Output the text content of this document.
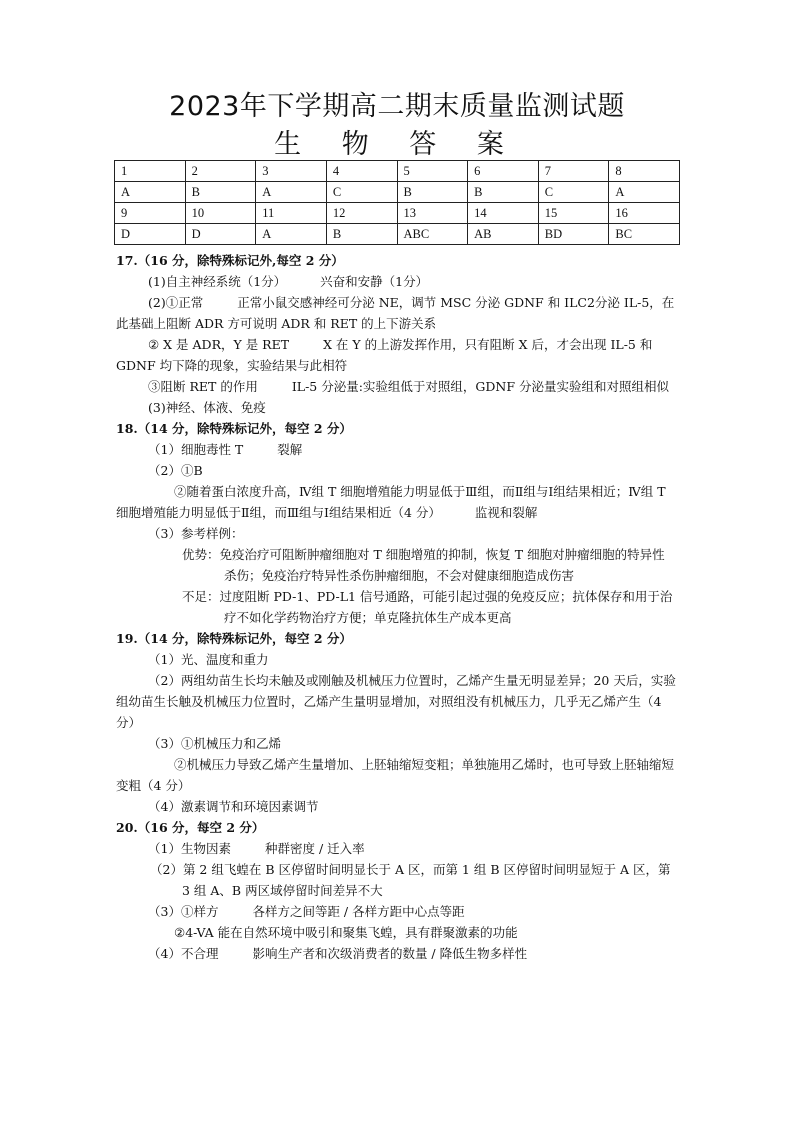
2023年下学期高二期末质量监测试题
生 物 答 案
1	2	3	4	5	6	7	8
A	B	A	C	B	B	C	A
9	10	11	12	13	14	15	16
D	D	A	B	ABC	AB	BD	BC

17.（16 分，除特殊标记外,每空 2 分）

(1)自主神经系统（1分）	兴奋和安静（1分）

(2)①正常	正常小鼠交感神经可分泌 NE，调节 MSC 分泌 GDNF 和 ILC2分泌 IL-5，在此基础上阻断 ADR 方可说明 ADR 和 RET 的上下游关系

② X 是 ADR，Y 是 RET	X 在 Y 的上游发挥作用，只有阻断 X 后，才会出现 IL-5 和 GDNF 均下降的现象，实验结果与此相符

③阻断 RET 的作用	IL-5 分泌量:实验组低于对照组，GDNF 分泌量实验组和对照组相似

(3)神经、体液、免疫

18.（14 分，除特殊标记外，每空 2 分）

（1）细胞毒性 T	裂解

（2）①B

②随着蛋白浓度升高，Ⅳ组 T 细胞增殖能力明显低于Ⅲ组，而Ⅱ组与Ⅰ组结果相近；Ⅳ组 T 细胞增殖能力明显低于Ⅱ组，而Ⅲ组与Ⅰ组结果相近（4 分）	监视和裂解

（3）参考样例：

优势：免疫治疗可阻断肿瘤细胞对 T 细胞增殖的抑制，恢复 T 细胞对肿瘤细胞的特异性杀伤；免疫治疗特异性杀伤肿瘤细胞，不会对健康细胞造成伤害

不足：过度阻断 PD-1、PD-L1 信号通路，可能引起过强的免疫反应；抗体保存和用于治疗不如化学药物治疗方便；单克隆抗体生产成本更高

19.（14 分，除特殊标记外，每空 2 分）

（1）光、温度和重力

（2）两组幼苗生长均未触及或刚触及机械压力位置时，乙烯产生量无明显差异；20 天后，实验组幼苗生长触及机械压力位置时，乙烯产生量明显增加，对照组没有机械压力，几乎无乙烯产生（4 分）

（3）①机械压力和乙烯

②机械压力导致乙烯产生量增加、上胚轴缩短变粗；单独施用乙烯时，也可导致上胚轴缩短变粗（4 分）

（4）激素调节和环境因素调节

20.（16 分，每空 2 分）

（1）生物因素	种群密度 / 迁入率

（2）第 2 组飞蝗在 B 区停留时间明显长于 A 区，而第 1 组 B 区停留时间明显短于 A 区，第 3 组 A、B 两区域停留时间差异不大

（3）①样方	各样方之间等距 / 各样方距中心点等距

②4-VA 能在自然环境中吸引和聚集飞蝗，具有群聚激素的功能

（4）不合理	影响生产者和次级消费者的数量 / 降低生物多样性
